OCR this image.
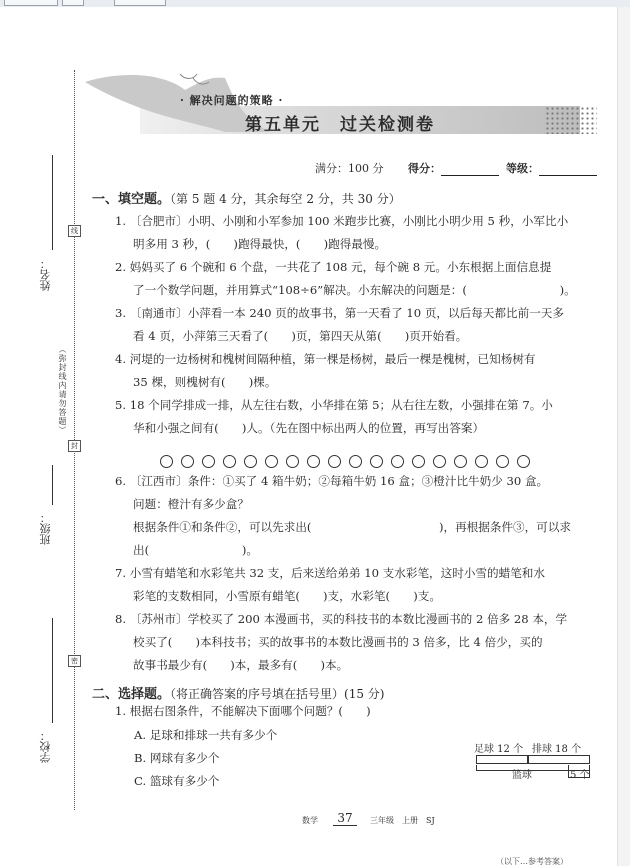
线
封
密
姓名：
（弥封线内请勿答题）
班级：
学校：
· 解决问题的策略 ·
第五单元　过关检测卷
满分：100 分 得分：	等级：
一、填空题。（第 5 题 4 分，其余每空 2 分，共 30 分）
1. 〔合肥市〕小明、小刚和小军参加 100 米跑步比赛，小刚比小明少用 5 秒，小军比小
明多用 3 秒，(　　)跑得最快，(　　)跑得最慢。
2. 妈妈买了 6 个碗和 6 个盘，一共花了 108 元，每个碗 8 元。小东根据上面信息提
了一个数学问题，并用算式“108÷6”解决。小东解决的问题是：(　　　　　　　　)。
3. 〔南通市〕小萍看一本 240 页的故事书，第一天看了 10 页，以后每天都比前一天多
看 4 页，小萍第三天看了(　　)页，第四天从第(　　)页开始看。
4. 河堤的一边杨树和槐树间隔种植，第一棵是杨树，最后一棵是槐树，已知杨树有
35 棵，则槐树有(　　)棵。
5. 18 个同学排成一排，从左往右数，小华排在第 5；从右往左数，小强排在第 7。小
华和小强之间有(　　)人。（先在图中标出两人的位置，再写出答案）
6. 〔江西市〕条件：①买了 4 箱牛奶；②每箱牛奶 16 盒；③橙汁比牛奶少 30 盒。
问题：橙汁有多少盒？
根据条件①和条件②，可以先求出(　　　　　　　　　　　)，再根据条件③，可以求
出(　　　　　　　　)。
7. 小雪有蜡笔和水彩笔共 32 支，后来送给弟弟 10 支水彩笔，这时小雪的蜡笔和水
彩笔的支数相同，小雪原有蜡笔(　　)支，水彩笔(　　)支。
8. 〔苏州市〕学校买了 200 本漫画书，买的科技书的本数比漫画书的 2 倍多 28 本，学
校买了(　　)本科技书；买的故事书的本数比漫画书的 3 倍多，比 4 倍少，买的
故事书最少有(　　)本，最多有(　　)本。
二、选择题。（将正确答案的序号填在括号里）(15 分)
1. 根据右图条件，不能解决下面哪个问题？(　　)
A. 足球和排球一共有多少个
B. 网球有多少个
C. 篮球有多少个
足球 12 个 排球 18 个
篮球	5 个
数学	37	三年级　上册　SJ
（以下…参考答案）
